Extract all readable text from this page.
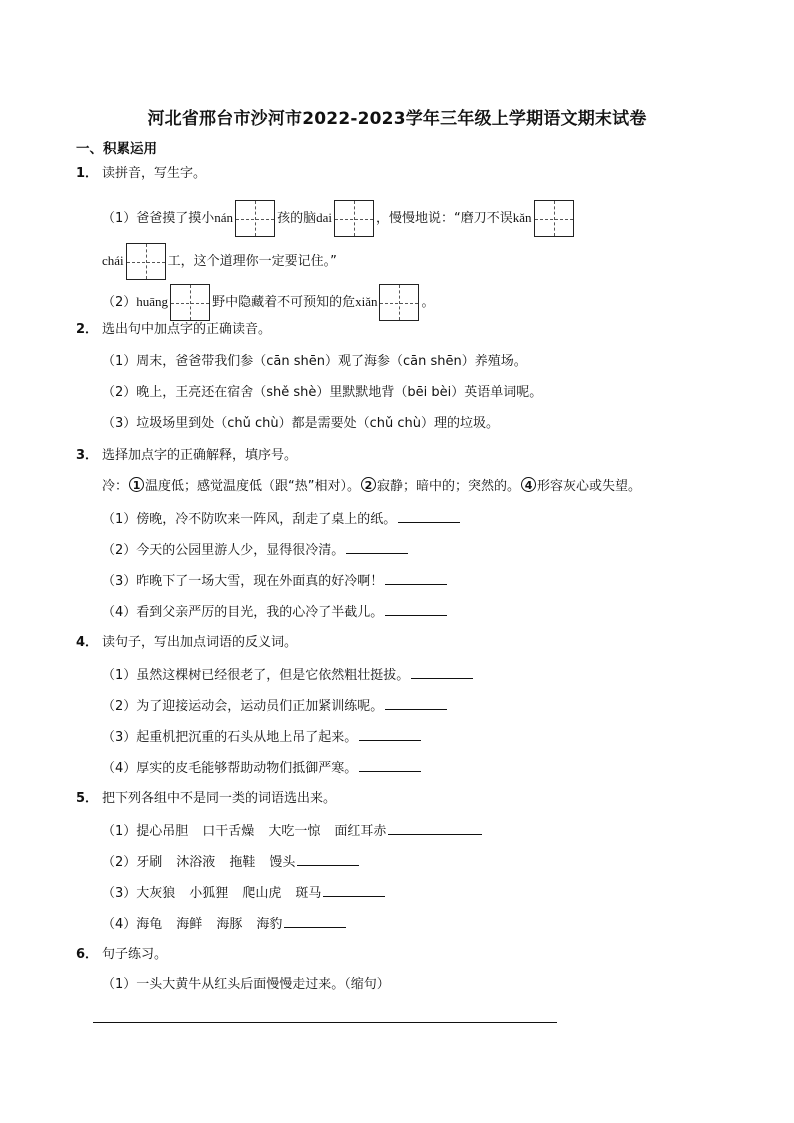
河北省邢台市沙河市2022-2023学年三年级上学期语文期末试卷
一、积累运用
1． 读拼音，写生字。
（1）爸爸摸了摸小nán	孩的脑dai	，慢慢地说：“磨刀不误kǎn
chái	工，这个道理你一定要记住。”
（2）huāng	野中隐藏着不可预知的危xiǎn	。
2． 选出句中加点字的正确读音。
（1）周末，爸爸带我们参（cān shēn）观了海参（cān shēn）养殖场。
（2）晚上，王亮还在宿舍（shě shè）里默默地背（bēi bèi）英语单词呢。
（3）垃圾场里到处（chǔ chù）都是需要处（chǔ chù）理的垃圾。
3． 选择加点字的正确解释，填序号。
冷： 1 温度低；感觉温度低（跟“热”相对）。 2 寂静；暗中的；突然的。 4 形容灰心或失望。
（1）傍晚，冷不防吹来一阵风，刮走了桌上的纸。
（2）今天的公园里游人少，显得很冷清。
（3）昨晚下了一场大雪，现在外面真的好冷啊！
（4）看到父亲严厉的目光，我的心冷了半截儿。
4． 读句子，写出加点词语的反义词。
（1）虽然这棵树已经很老了，但是它依然粗壮挺拔。
（2）为了迎接运动会，运动员们正加紧训练呢。
（3）起重机把沉重的石头从地上吊了起来。
（4）厚实的皮毛能够帮助动物们抵御严寒。
5． 把下列各组中不是同一类的词语选出来。
（1）提心吊胆 口干舌燥 大吃一惊 面红耳赤
（2）牙刷 沐浴液 拖鞋 馒头
（3）大灰狼 小狐狸 爬山虎 斑马
（4）海龟 海鲜 海豚 海豹
6． 句子练习。
（1）一头大黄牛从红头后面慢慢走过来。（缩句）
